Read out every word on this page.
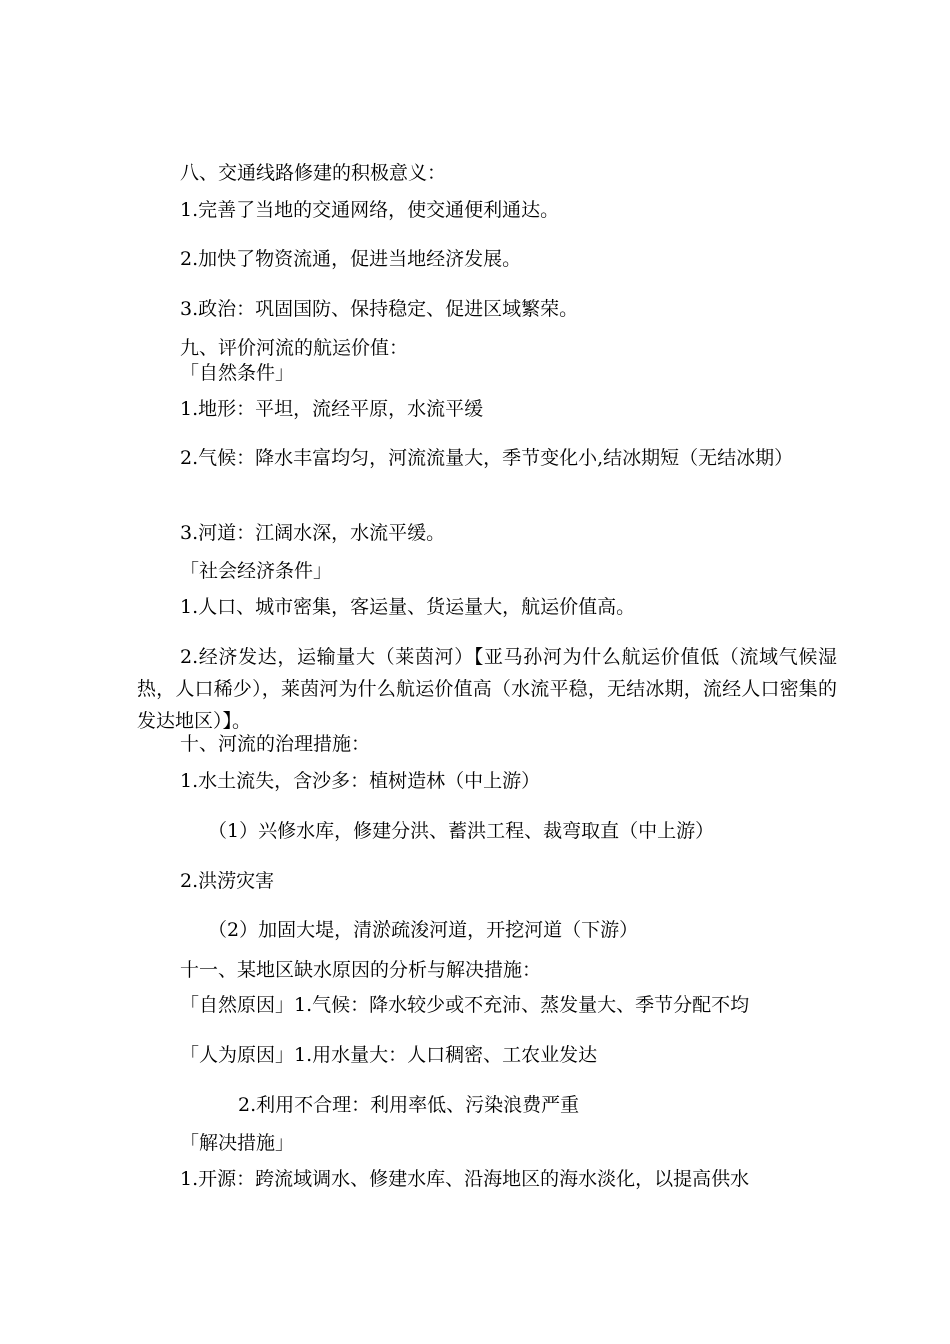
八、交通线路修建的积极意义：
1.完善了当地的交通网络，使交通便利通达。
2.加快了物资流通，促进当地经济发展。
3.政治：巩固国防、保持稳定、促进区域繁荣。
九、评价河流的航运价值：
「自然条件」
1.地形：平坦，流经平原，水流平缓
2.气候：降水丰富均匀，河流流量大，季节变化小,结冰期短（无结冰期）
3.河道：江阔水深，水流平缓。
「社会经济条件」
1.人口、城市密集，客运量、货运量大，航运价值高。
2.经济发达，运输量大（莱茵河）【亚马孙河为什么航运价值低（流域气候湿热，人口稀少），莱茵河为什么航运价值高（水流平稳，无结冰期，流经人口密集的发达地区）】。
十、河流的治理措施：
1.水土流失，含沙多：植树造林（中上游）
（1）兴修水库，修建分洪、蓄洪工程、裁弯取直（中上游）
2.洪涝灾害
（2）加固大堤，清淤疏浚河道，开挖河道（下游）
十一、某地区缺水原因的分析与解决措施：
「自然原因」1.气候：降水较少或不充沛、蒸发量大、季节分配不均
「人为原因」1.用水量大：人口稠密、工农业发达
2.利用不合理：利用率低、污染浪费严重
「解决措施」
1.开源：跨流域调水、修建水库、沿海地区的海水淡化，以提高供水
